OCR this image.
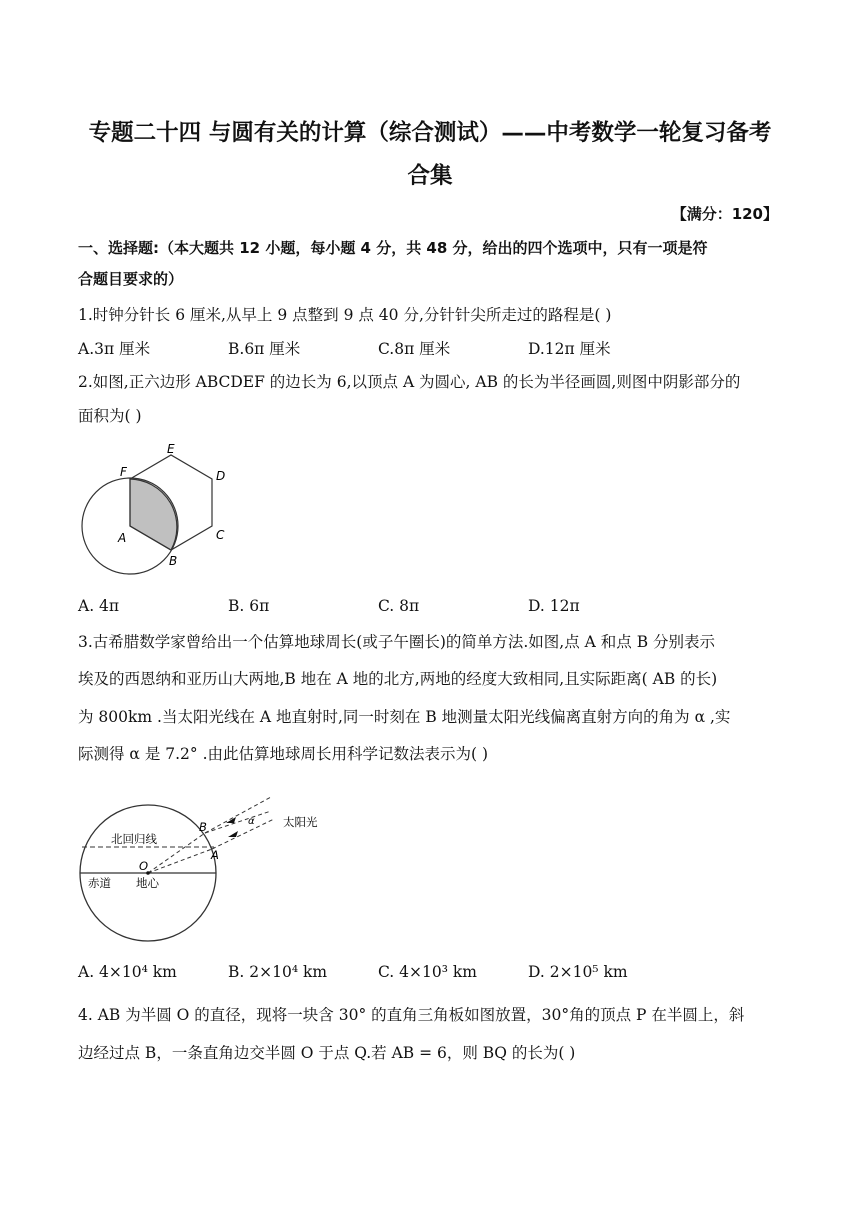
专题二十四 与圆有关的计算（综合测试）——中考数学一轮复习备考
合集
【满分：120】
一、选择题:（本大题共 12 小题，每小题 4 分，共 48 分，给出的四个选项中，只有一项是符
合题目要求的）
1.时钟分针长 6 厘米,从早上 9 点整到 9 点 40 分,分针针尖所走过的路程是( )
A.3π 厘米	B.6π 厘米	C.8π 厘米	D.12π 厘米
2.如图,正六边形 ABCDEF 的边长为 6,以顶点 A 为圆心, AB 的长为半径画圆,则图中阴影部分的
面积为( )
E
F	D
A	C
B
A. 4π	B. 6π	C. 8π	D. 12π
3.古希腊数学家曾给出一个估算地球周长(或子午圈长)的简单方法.如图,点 A 和点 B 分别表示
埃及的西恩纳和亚历山大两地,B 地在 A 地的北方,两地的经度大致相同,且实际距离( AB 的长)
为 800km .当太阳光线在 A 地直射时,同一时刻在 B 地测量太阳光线偏离直射方向的角为 α ,实
际测得 α 是 7.2° .由此估算地球周长用科学记数法表示为( )
北回归线
B	α 太阳光
A
O
赤道 地心
A. 4×10⁴ km	B. 2×10⁴ km	C. 4×10³ km	D. 2×10⁵ km
4. AB 为半圆 O 的直径，现将一块含 30° 的直角三角板如图放置，30°角的顶点 P 在半圆上，斜
边经过点 B，一条直角边交半圆 O 于点 Q.若 AB = 6，则 BQ 的长为( )
